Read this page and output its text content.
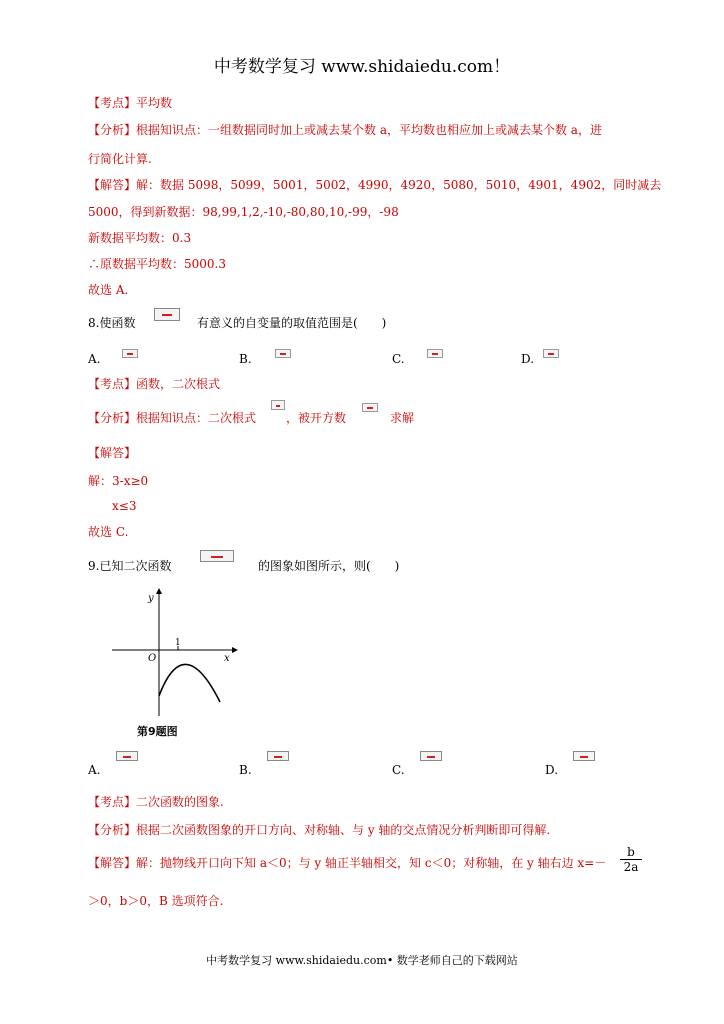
中考数学复习 www.shidaiedu.com！
【考点】平均数
【分析】根据知识点：一组数据同时加上或减去某个数 a，平均数也相应加上或减去某个数 a，进
行简化计算.
【解答】解：数据 5098，5099，5001，5002，4990，4920，5080，5010，4901，4902，同时减去
5000，得到新数据：98,99,1,2,-10,-80,80,10,-99，-98
新数据平均数：0.3
∴原数据平均数：5000.3
故选 A.
8.使函数	有意义的自变量的取值范围是(　　)
A.	B.	C.	D.
【考点】函数，二次根式
【分析】根据知识点：二次根式 ，被开方数	求解
【解答】
解：3-x≥0
x≤3
故选 C.
9.已知二次函数	的图象如图所示，则(　　)
y
x
O
1
第9题图
A.	B.	C.	D.
【考点】二次函数的图象.
【分析】根据二次函数图象的开口方向、对称轴、与 y 轴的交点情况分析判断即可得解.
【解答】解：抛物线开口向下知 a＜0；与 y 轴正半轴相交，知 c＜0；对称轴，在 y 轴右边 $x=- \frac{b}{2a}$
＞0，b＞0，B 选项符合.
中考数学复习 www.shidaiedu.com• 数学老师自己的下载网站
